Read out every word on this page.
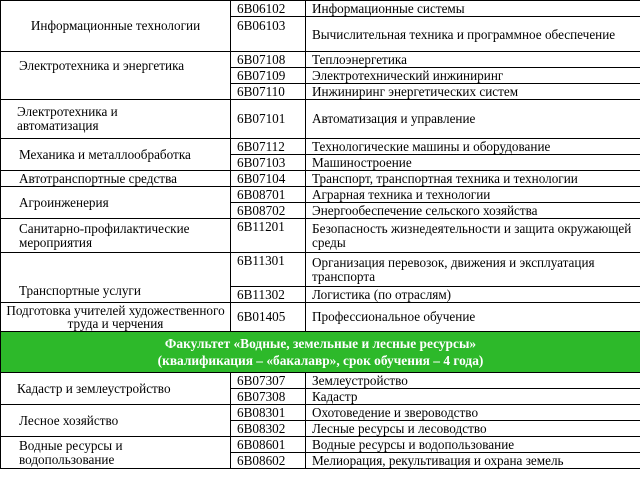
Информационные технологии	6В06102	Информационные системы
	6В06103	Вычислительная техника и программное обеспечение
Электротехника и энергетика	6В07108	Теплоэнергетика
	6В07109	Электротехнический инжиниринг
	6В07110	Инжиниринг энергетических систем
Электротехника и автоматизация	6В07101	Автоматизация и управление
Механика и металлообработка	6В07112	Технологические машины и оборудование
	6В07103	Машиностроение
Автотранспортные средства	6В07104	Транспорт, транспортная техника и технологии
Агроинженерия	6В08701	Аграрная техника и технологии
	6В08702	Энергообеспечение сельского хозяйства
Санитарно-профилактические мероприятия	6В11201	Безопасность жизнедеятельности и защита окружающей среды
Транспортные услуги	6В11301	Организация перевозок, движения и эксплуатация транспорта
	6В11302	Логистика (по отраслям)
Подготовка учителей художественного труда и черчения	6В01405	Профессиональное обучение

Факультет «Водные, земельные и лесные ресурсы»
(квалификация – «бакалавр», срок обучения – 4 года)		

Кадастр и землеустройство	6В07307	Землеустройство
	6В07308	Кадастр
Лесное хозяйство	6В08301	Охотоведение и звероводство
	6В08302	Лесные ресурсы и лесоводство
Водные ресурсы и водопользование	6В08601	Водные ресурсы и водопользование
	6В08602	Мелиорация, рекультивация и охрана земель
